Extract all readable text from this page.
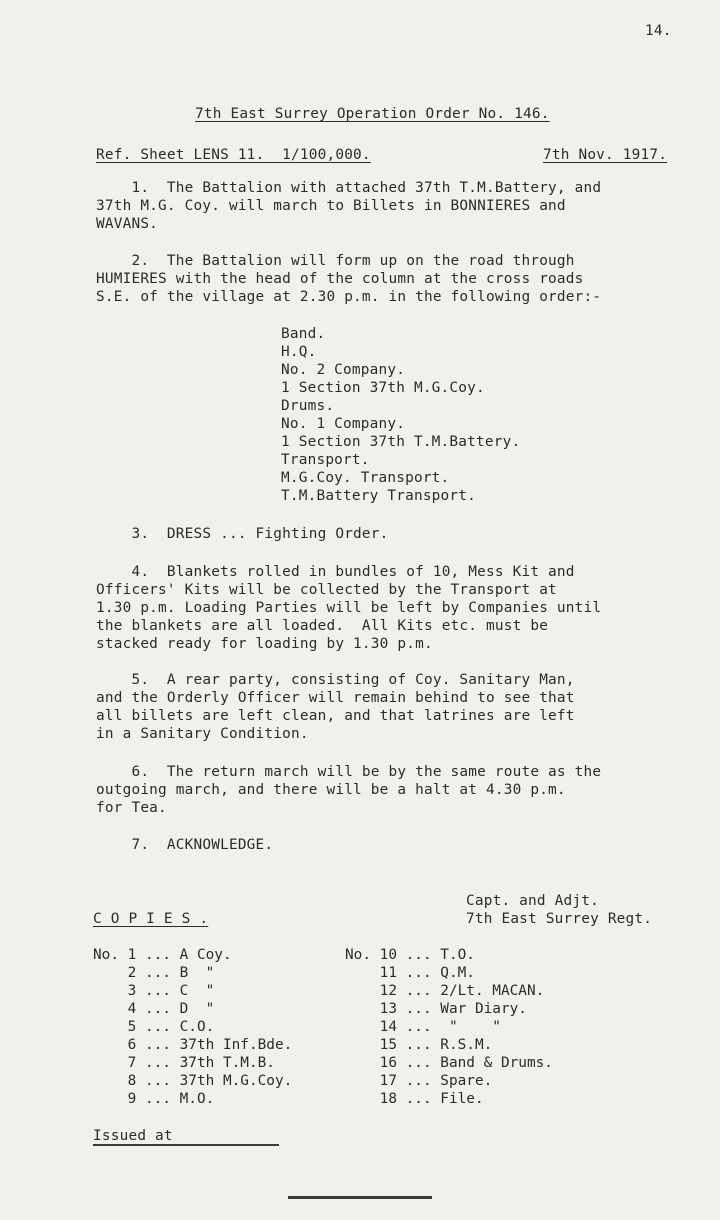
14.
7th East Surrey Operation Order No. 146.
Ref. Sheet LENS 11.  1/100,000.	7th Nov. 1917.
1.  The Battalion with attached 37th T.M.Battery, and
37th M.G. Coy. will march to Billets in BONNIERES and
WAVANS.
2.  The Battalion will form up on the road through
HUMIERES with the head of the column at the cross roads
S.E. of the village at 2.30 p.m. in the following order:-
Band.
H.Q.
No. 2 Company.
1 Section 37th M.G.Coy.
Drums.
No. 1 Company.
1 Section 37th T.M.Battery.
Transport.
M.G.Coy. Transport.
T.M.Battery Transport.
3.  DRESS ... Fighting Order.
4.  Blankets rolled in bundles of 10, Mess Kit and
Officers' Kits will be collected by the Transport at
1.30 p.m. Loading Parties will be left by Companies until
the blankets are all loaded.  All Kits etc. must be
stacked ready for loading by 1.30 p.m.
5.  A rear party, consisting of Coy. Sanitary Man,
and the Orderly Officer will remain behind to see that
all billets are left clean, and that latrines are left
in a Sanitary Condition.
6.  The return march will be by the same route as the
outgoing march, and there will be a halt at 4.30 p.m.
for Tea.
7.  ACKNOWLEDGE.
Capt. and Adjt.
7th East Surrey Regt.
C O P I E S .
No. 1 ... A Coy.
2 ... B  "
3 ... C  "
4 ... D  "
5 ... C.O.
6 ... 37th Inf.Bde.
7 ... 37th T.M.B.
8 ... 37th M.G.Coy.
9 ... M.O.
No. 10 ... T.O.
11 ... Q.M.
12 ... 2/Lt. MACAN.
13 ... War Diary.
14 ...  "    "
15 ... R.S.M.
16 ... Band & Drums.
17 ... Spare.
18 ... File.
Issued at
